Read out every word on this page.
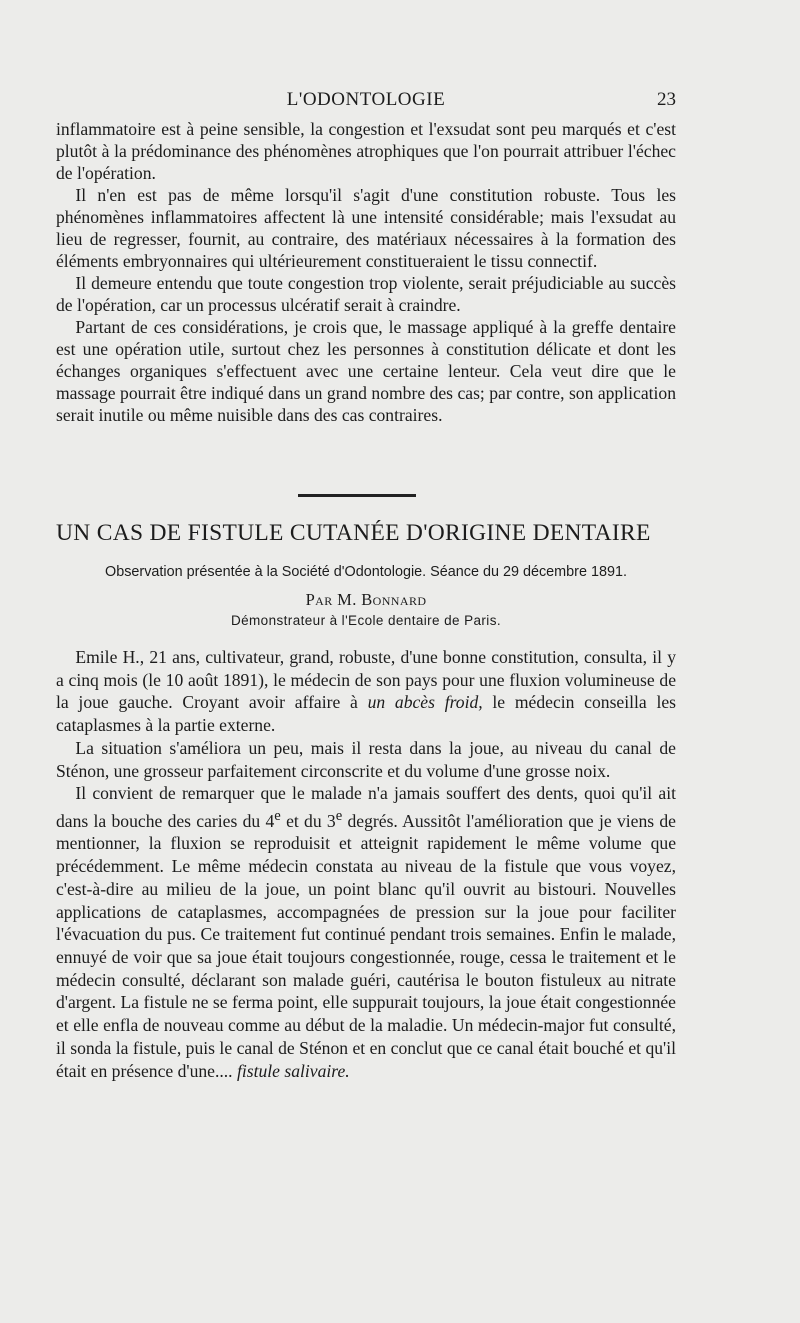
L'ODONTOLOGIE	23

inflammatoire est à peine sensible, la congestion et l'exsudat sont peu marqués et c'est plutôt à la prédominance des phénomènes atrophiques que l'on pourrait attribuer l'échec de l'opération.

Il n'en est pas de même lorsqu'il s'agit d'une constitution robuste. Tous les phénomènes inflammatoires affectent là une intensité considérable; mais l'exsudat au lieu de regresser, fournit, au contraire, des matériaux nécessaires à la formation des éléments embryonnaires qui ultérieurement constitueraient le tissu connectif.

Il demeure entendu que toute congestion trop violente, serait préjudiciable au succès de l'opération, car un processus ulcératif serait à craindre.

Partant de ces considérations, je crois que, le massage appliqué à la greffe dentaire est une opération utile, surtout chez les personnes à constitution délicate et dont les échanges organiques s'effectuent avec une certaine lenteur. Cela veut dire que le massage pourrait être indiqué dans un grand nombre des cas; par contre, son application serait inutile ou même nuisible dans des cas contraires.

UN CAS DE FISTULE CUTANÉE D'ORIGINE DENTAIRE
Observation présentée à la Société d'Odontologie. Séance du 29 décembre 1891.
Par M. Bonnard
Démonstrateur à l'Ecole dentaire de Paris.

Emile H., 21 ans, cultivateur, grand, robuste, d'une bonne constitution, consulta, il y a cinq mois (le 10 août 1891), le médecin de son pays pour une fluxion volumineuse de la joue gauche. Croyant avoir affaire à un abcès froid, le médecin conseilla les cataplasmes à la partie externe.

La situation s'améliora un peu, mais il resta dans la joue, au niveau du canal de Sténon, une grosseur parfaitement circonscrite et du volume d'une grosse noix.

Il convient de remarquer que le malade n'a jamais souffert des dents, quoi qu'il ait dans la bouche des caries du 4e et du 3e degrés. Aussitôt l'amélioration que je viens de mentionner, la fluxion se reproduisit et atteignit rapidement le même volume que précédemment. Le même médecin constata au niveau de la fistule que vous voyez, c'est-à-dire au milieu de la joue, un point blanc qu'il ouvrit au bistouri. Nouvelles applications de cataplasmes, accompagnées de pression sur la joue pour faciliter l'évacuation du pus. Ce traitement fut continué pendant trois semaines. Enfin le malade, ennuyé de voir que sa joue était toujours congestionnée, rouge, cessa le traitement et le médecin consulté, déclarant son malade guéri, cautérisa le bouton fistuleux au nitrate d'argent. La fistule ne se ferma point, elle suppurait toujours, la joue était congestionnée et elle enfla de nouveau comme au début de la maladie. Un médecin-major fut consulté, il sonda la fistule, puis le canal de Sténon et en conclut que ce canal était bouché et qu'il était en présence d'une.... fistule salivaire.
